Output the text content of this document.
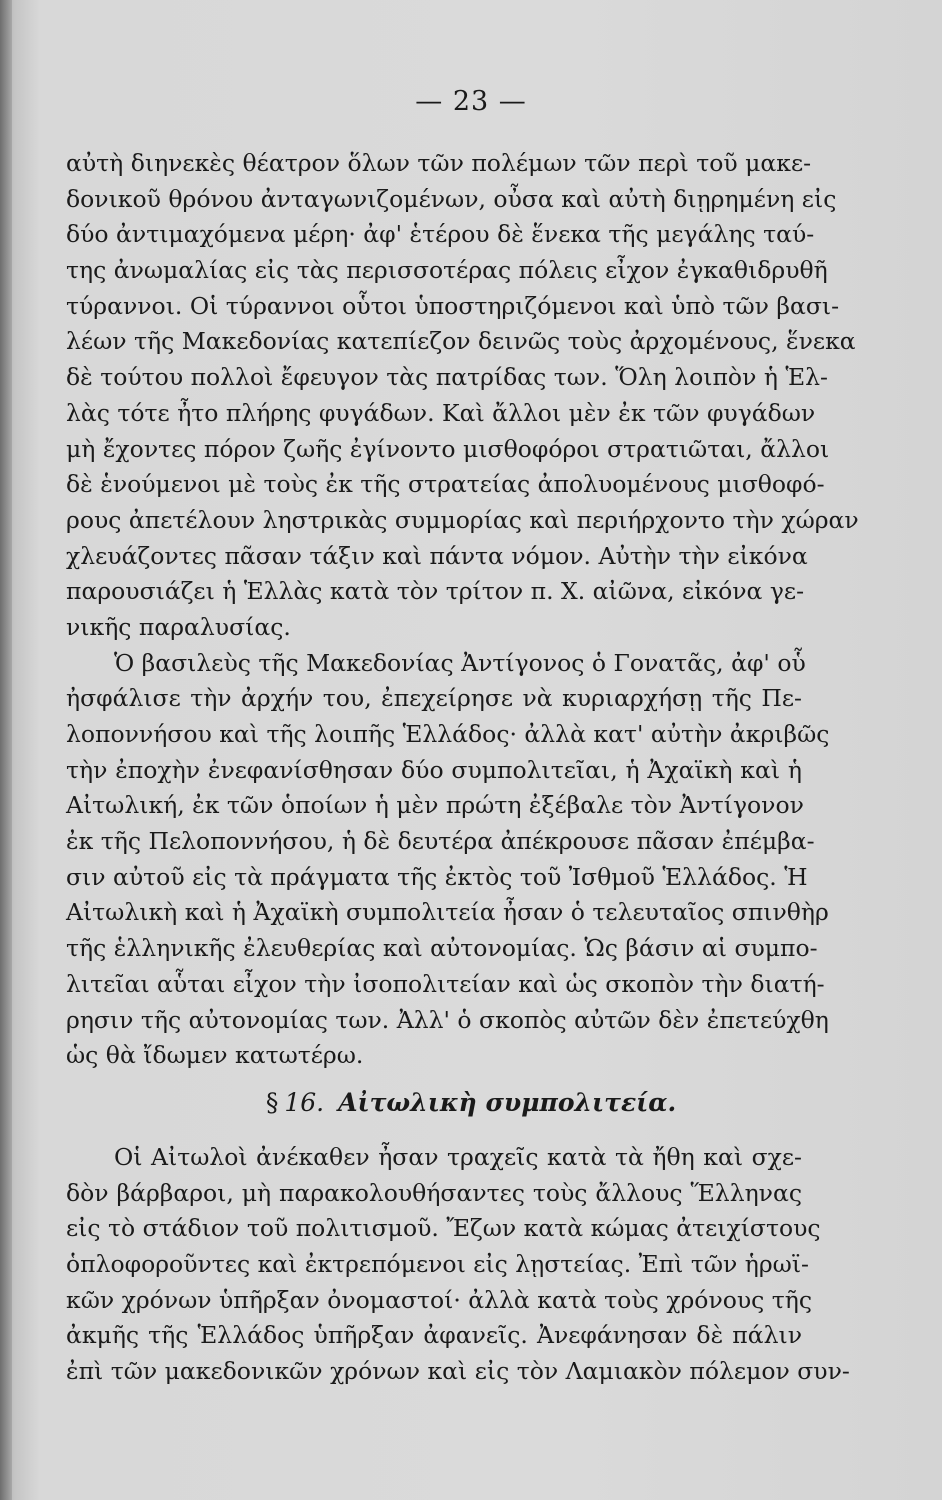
— 23 —
αὐτὴ διηνεκὲς θέατρον ὅλων τῶν πολέμων τῶν περὶ τοῦ μακε-
δονικοῦ θρόνου ἀνταγωνιζομένων, οὖσα καὶ αὐτὴ διῃρημένη εἰς
δύο ἀντιμαχόμενα μέρη· ἀφ' ἑτέρου δὲ ἕνεκα τῆς μεγάλης ταύ-
της ἀνωμαλίας εἰς τὰς περισσοτέρας πόλεις εἶχον ἐγκαθιδρυθῆ
τύραννοι. Οἱ τύραννοι οὗτοι ὑποστηριζόμενοι καὶ ὑπὸ τῶν βασι-
λέων τῆς Μακεδονίας κατεπίεζον δεινῶς τοὺς ἀρχομένους, ἕνεκα
δὲ τούτου πολλοὶ ἔφευγον τὰς πατρίδας των. Ὅλη λοιπὸν ἡ Ἑλ-
λὰς τότε ἦτο πλήρης φυγάδων. Καὶ ἄλλοι μὲν ἐκ τῶν φυγάδων
μὴ ἔχοντες πόρον ζωῆς ἐγίνοντο μισθοφόροι στρατιῶται, ἄλλοι
δὲ ἑνούμενοι μὲ τοὺς ἐκ τῆς στρατείας ἀπολυομένους μισθοφό-
ρους ἀπετέλουν ληστρικὰς συμμορίας καὶ περιήρχοντο τὴν χώραν
χλευάζοντες πᾶσαν τάξιν καὶ πάντα νόμον. Αὐτὴν τὴν εἰκόνα
παρουσιάζει ἡ Ἑλλὰς κατὰ τὸν τρίτον π. Χ. αἰῶνα, εἰκόνα γε-
νικῆς παραλυσίας.
Ὁ βασιλεὺς τῆς Μακεδονίας Ἀντίγονος ὁ Γονατᾶς, ἀφ' οὗ
ἠσφάλισε τὴν ἀρχήν του, ἐπεχείρησε νὰ κυριαρχήσῃ τῆς Πε-
λοποννήσου καὶ τῆς λοιπῆς Ἑλλάδος· ἀλλὰ κατ' αὐτὴν ἀκριβῶς
τὴν ἐποχὴν ἐνεφανίσθησαν δύο συμπολιτεῖαι, ἡ Ἀχαϊκὴ καὶ ἡ
Αἰτωλική, ἐκ τῶν ὁποίων ἡ μὲν πρώτη ἐξέβαλε τὸν Ἀντίγονον
ἐκ τῆς Πελοποννήσου, ἡ δὲ δευτέρα ἀπέκρουσε πᾶσαν ἐπέμβα-
σιν αὐτοῦ εἰς τὰ πράγματα τῆς ἐκτὸς τοῦ Ἰσθμοῦ Ἑλλάδος. Ἡ
Αἰτωλικὴ καὶ ἡ Ἀχαϊκὴ συμπολιτεία ἦσαν ὁ τελευταῖος σπινθὴρ
τῆς ἑλληνικῆς ἐλευθερίας καὶ αὐτονομίας. Ὡς βάσιν αἱ συμπο-
λιτεῖαι αὗται εἶχον τὴν ἰσοπολιτείαν καὶ ὡς σκοπὸν τὴν διατή-
ρησιν τῆς αὐτονομίας των. Ἀλλ' ὁ σκοπὸς αὐτῶν δὲν ἐπετεύχθη
ὡς θὰ ἴδωμεν κατωτέρω.
§ 16. Αἰτωλικὴ συμπολιτεία.
Οἱ Αἰτωλοὶ ἀνέκαθεν ἦσαν τραχεῖς κατὰ τὰ ἤθη καὶ σχε-
δὸν βάρβαροι, μὴ παρακολουθήσαντες τοὺς ἄλλους Ἕλληνας
εἰς τὸ στάδιον τοῦ πολιτισμοῦ. Ἔζων κατὰ κώμας ἀτειχίστους
ὁπλοφοροῦντες καὶ ἐκτρεπόμενοι εἰς λῃστείας. Ἐπὶ τῶν ἡρωϊ-
κῶν χρόνων ὑπῆρξαν ὀνομαστοί· ἀλλὰ κατὰ τοὺς χρόνους τῆς
ἀκμῆς τῆς Ἑλλάδος ὑπῆρξαν ἀφανεῖς. Ἀνεφάνησαν δὲ πάλιν
ἐπὶ τῶν μακεδονικῶν χρόνων καὶ εἰς τὸν Λαμιακὸν πόλεμον συν-
